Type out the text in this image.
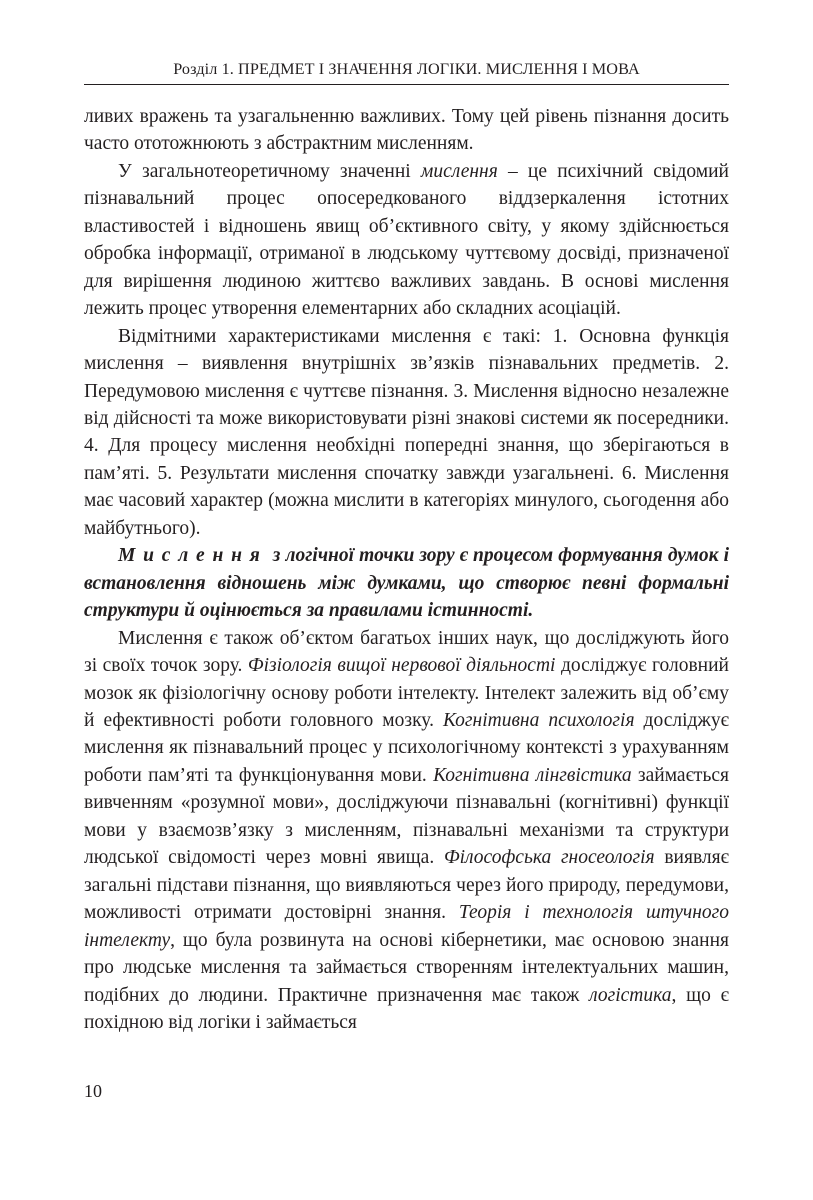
Розділ 1. ПРЕДМЕТ І ЗНАЧЕННЯ ЛОГІКИ. МИСЛЕННЯ І МОВА

ливих вражень та узагальненню важливих. Тому цей рівень пізнання досить часто ототожнюють з абстрактним мисленням.

У загальнотеоретичному значенні мислення – це психічний свідомий пізнавальний процес опосередкованого віддзеркалення істотних властивостей і відношень явищ об’єктивного світу, у якому здійснюється обробка інформації, отриманої в людському чуттєвому досвіді, призначеної для вирішення людиною життєво важливих завдань. В основі мислення лежить процес утворення елементарних або складних асоціацій.

Відмітними характеристиками мислення є такі: 1. Основна функція мислення – виявлення внутрішніх зв’язків пізнавальних предметів. 2. Передумовою мислення є чуттєве пізнання. 3. Мислення відносно незалежне від дійсності та може використовувати різні знакові системи як посередники. 4. Для процесу мислення необхідні попередні знання, що зберігаються в пам’яті. 5. Результати мислення спочатку завжди узагальнені. 6. Мислення має часовий характер (можна мислити в категоріях минулого, сьогодення або майбутнього).

Мислення з логічної точки зору є процесом формування думок і встановлення відношень між думками, що створює певні формальні структури й оцінюється за правилами істинності.

Мислення є також об’єктом багатьох інших наук, що досліджують його зі своїх точок зору. Фізіологія вищої нервової діяльності досліджує головний мозок як фізіологічну основу роботи інтелекту. Інтелект залежить від об’єму й ефективності роботи головного мозку. Когнітивна психологія досліджує мислення як пізнавальний процес у психологічному контексті з урахуванням роботи пам’яті та функціонування мови. Когнітивна лінгвістика займається вивченням «розумної мови», досліджуючи пізнавальні (когнітивні) функції мови у взаємозв’язку з мисленням, пізнавальні механізми та структури людської свідомості через мовні явища. Філософська гносеологія виявляє загальні підстави пізнання, що виявляються через його природу, передумови, можливості отримати достовірні знання. Теорія і технологія штучного інтелекту, що була розвинута на основі кібернетики, має основою знання про людське мислення та займається створенням інтелектуальних машин, подібних до людини. Практичне призначення має також логістика, що є похідною від логіки і займається

10
